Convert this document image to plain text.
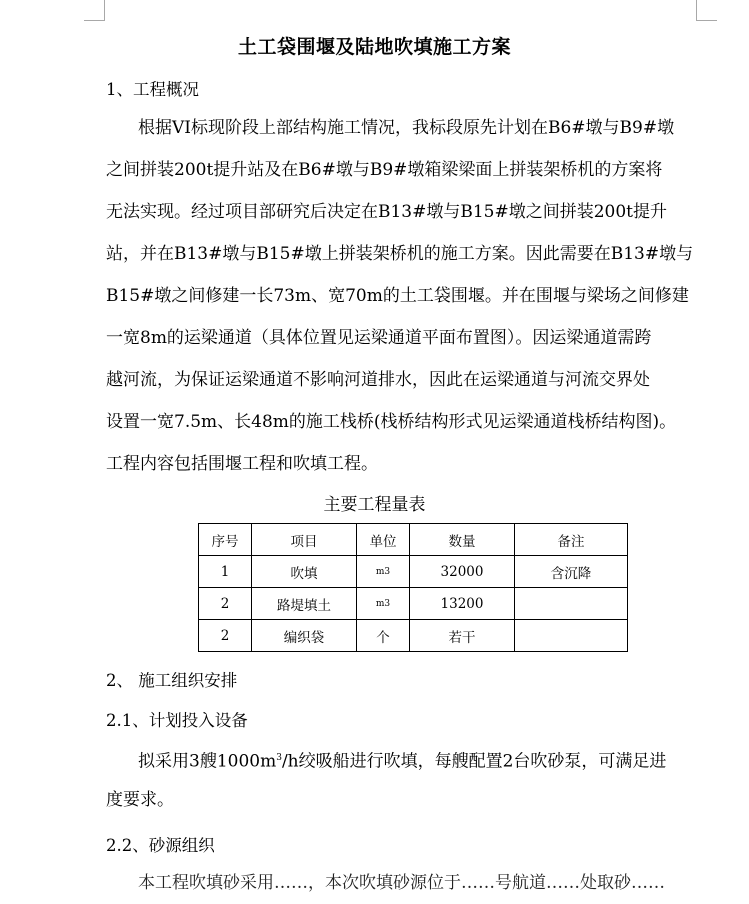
土工袋围堰及陆地吹填施工方案
1、工程概况
根据VI标现阶段上部结构施工情况，我标段原先计划在B6#墩与B9#墩
之间拼装200t提升站及在B6#墩与B9#墩箱梁梁面上拼装架桥机的方案将
无法实现。经过项目部研究后决定在B13#墩与B15#墩之间拼装200t提升
站，并在B13#墩与B15#墩上拼装架桥机的施工方案。因此需要在B13#墩与
B15#墩之间修建一长73m、宽70m的土工袋围堰。并在围堰与梁场之间修建
一宽8m的运梁通道（具体位置见运梁通道平面布置图）。因运梁通道需跨
越河流，为保证运梁通道不影响河道排水，因此在运梁通道与河流交界处
设置一宽7.5m、长48m的施工栈桥(栈桥结构形式见运梁通道栈桥结构图)。
工程内容包括围堰工程和吹填工程。
主要工程量表
序号	项目	单位	数量	备注
1	吹填	m3	32000	含沉降
2	路堤填土	m3	13200	
2	编织袋	个	若干	
2、 施工组织安排
2.1、计划投入设备
拟采用3艘$1000m^3/h$绞吸船进行吹填，每艘配置2台吹砂泵，可满足进
度要求。
2.2、砂源组织
本工程吹填砂采用……，本次吹填砂源位于……号航道……处取砂……
